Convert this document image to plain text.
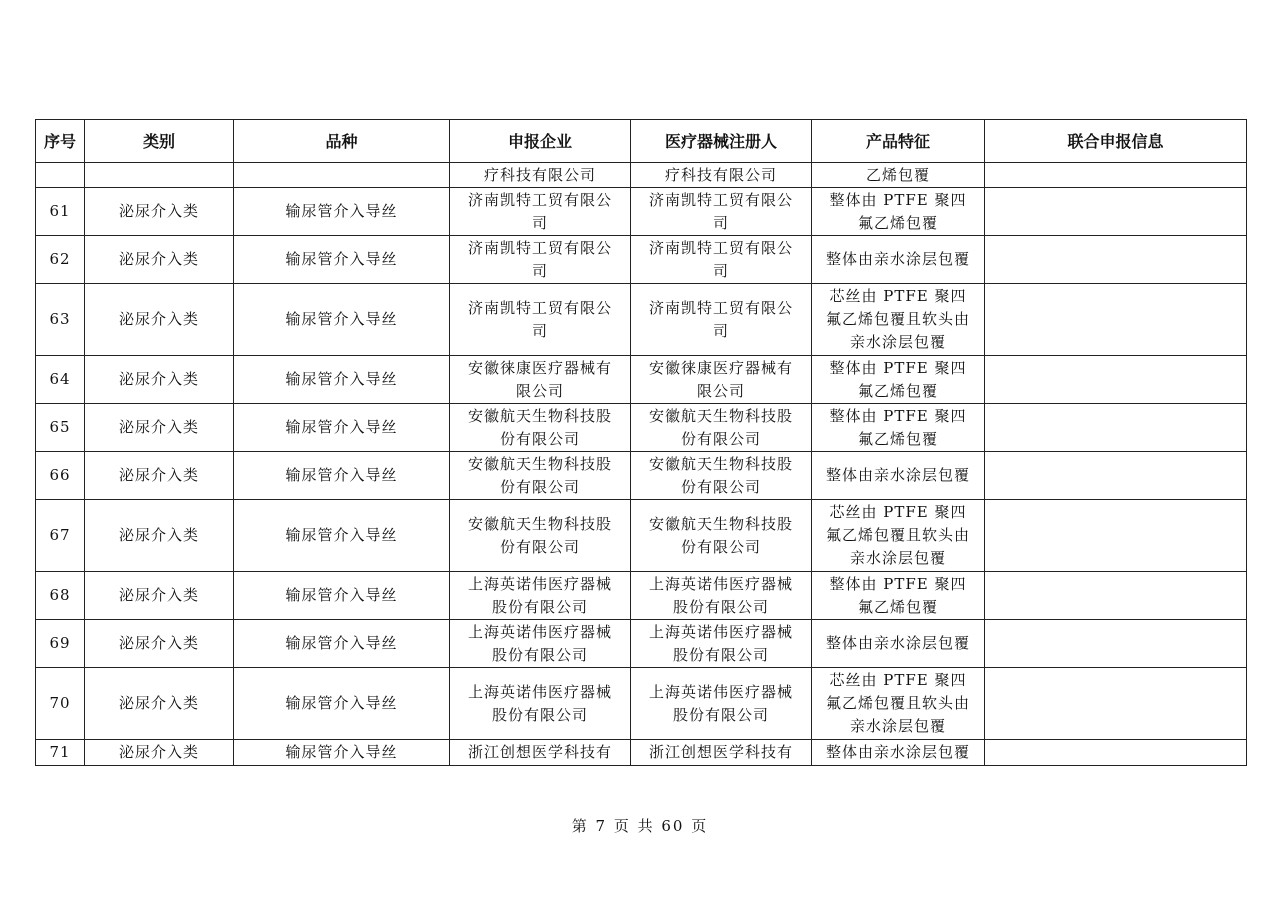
序号	类别	品种	申报企业	医疗器械注册人	产品特征	联合申报信息
			疗科技有限公司	疗科技有限公司	乙烯包覆	
61	泌尿介入类	输尿管介入导丝	济南凯特工贸有限公司	济南凯特工贸有限公司	整体由 PTFE 聚四氟乙烯包覆	
62	泌尿介入类	输尿管介入导丝	济南凯特工贸有限公司	济南凯特工贸有限公司	整体由亲水涂层包覆	
63	泌尿介入类	输尿管介入导丝	济南凯特工贸有限公司	济南凯特工贸有限公司	芯丝由 PTFE 聚四氟乙烯包覆且软头由亲水涂层包覆	
64	泌尿介入类	输尿管介入导丝	安徽徕康医疗器械有限公司	安徽徕康医疗器械有限公司	整体由 PTFE 聚四氟乙烯包覆	
65	泌尿介入类	输尿管介入导丝	安徽航天生物科技股份有限公司	安徽航天生物科技股份有限公司	整体由 PTFE 聚四氟乙烯包覆	
66	泌尿介入类	输尿管介入导丝	安徽航天生物科技股份有限公司	安徽航天生物科技股份有限公司	整体由亲水涂层包覆	
67	泌尿介入类	输尿管介入导丝	安徽航天生物科技股份有限公司	安徽航天生物科技股份有限公司	芯丝由 PTFE 聚四氟乙烯包覆且软头由亲水涂层包覆	
68	泌尿介入类	输尿管介入导丝	上海英诺伟医疗器械股份有限公司	上海英诺伟医疗器械股份有限公司	整体由 PTFE 聚四氟乙烯包覆	
69	泌尿介入类	输尿管介入导丝	上海英诺伟医疗器械股份有限公司	上海英诺伟医疗器械股份有限公司	整体由亲水涂层包覆	
70	泌尿介入类	输尿管介入导丝	上海英诺伟医疗器械股份有限公司	上海英诺伟医疗器械股份有限公司	芯丝由 PTFE 聚四氟乙烯包覆且软头由亲水涂层包覆	
71	泌尿介入类	输尿管介入导丝	浙江创想医学科技有	浙江创想医学科技有	整体由亲水涂层包覆	
第 7 页 共 60 页
